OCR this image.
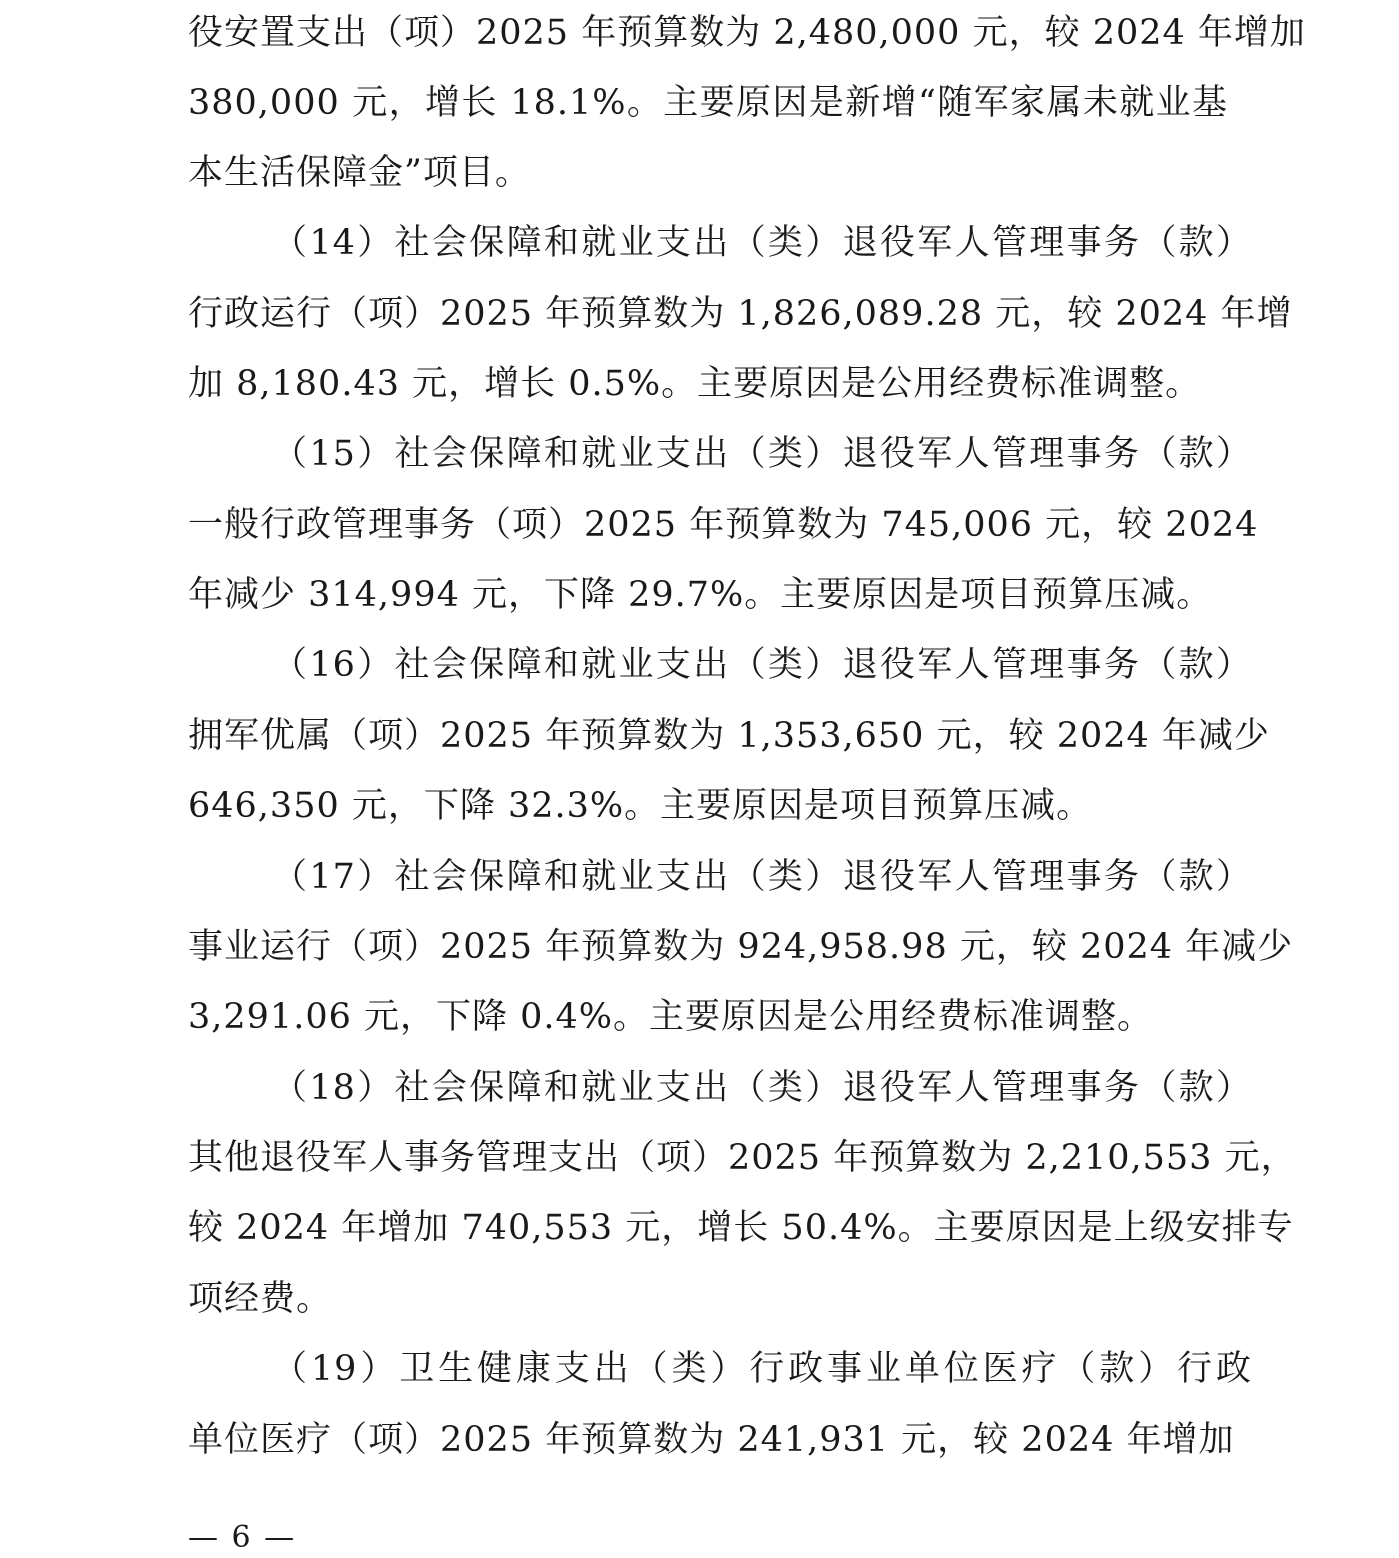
役安置支出（项）2025 年预算数为 2,480,000 元，较 2024 年增加
380,000 元，增长 18.1%。主要原因是新增“随军家属未就业基
本生活保障金”项目。
（14）社会保障和就业支出（类）退役军人管理事务（款）
行政运行（项）2025 年预算数为 1,826,089.28 元，较 2024 年增
加 8,180.43 元，增长 0.5%。主要原因是公用经费标准调整。
（15）社会保障和就业支出（类）退役军人管理事务（款）
一般行政管理事务（项）2025 年预算数为 745,006 元，较 2024
年减少 314,994 元，下降 29.7%。主要原因是项目预算压减。
（16）社会保障和就业支出（类）退役军人管理事务（款）
拥军优属（项）2025 年预算数为 1,353,650 元，较 2024 年减少
646,350 元，下降 32.3%。主要原因是项目预算压减。
（17）社会保障和就业支出（类）退役军人管理事务（款）
事业运行（项）2025 年预算数为 924,958.98 元，较 2024 年减少
3,291.06 元，下降 0.4%。主要原因是公用经费标准调整。
（18）社会保障和就业支出（类）退役军人管理事务（款）
其他退役军人事务管理支出（项）2025 年预算数为 2,210,553 元，
较 2024 年增加 740,553 元，增长 50.4%。主要原因是上级安排专
项经费。
（19）卫生健康支出（类）行政事业单位医疗（款）行政
单位医疗（项）2025 年预算数为 241,931 元，较 2024 年增加
— 6 —
